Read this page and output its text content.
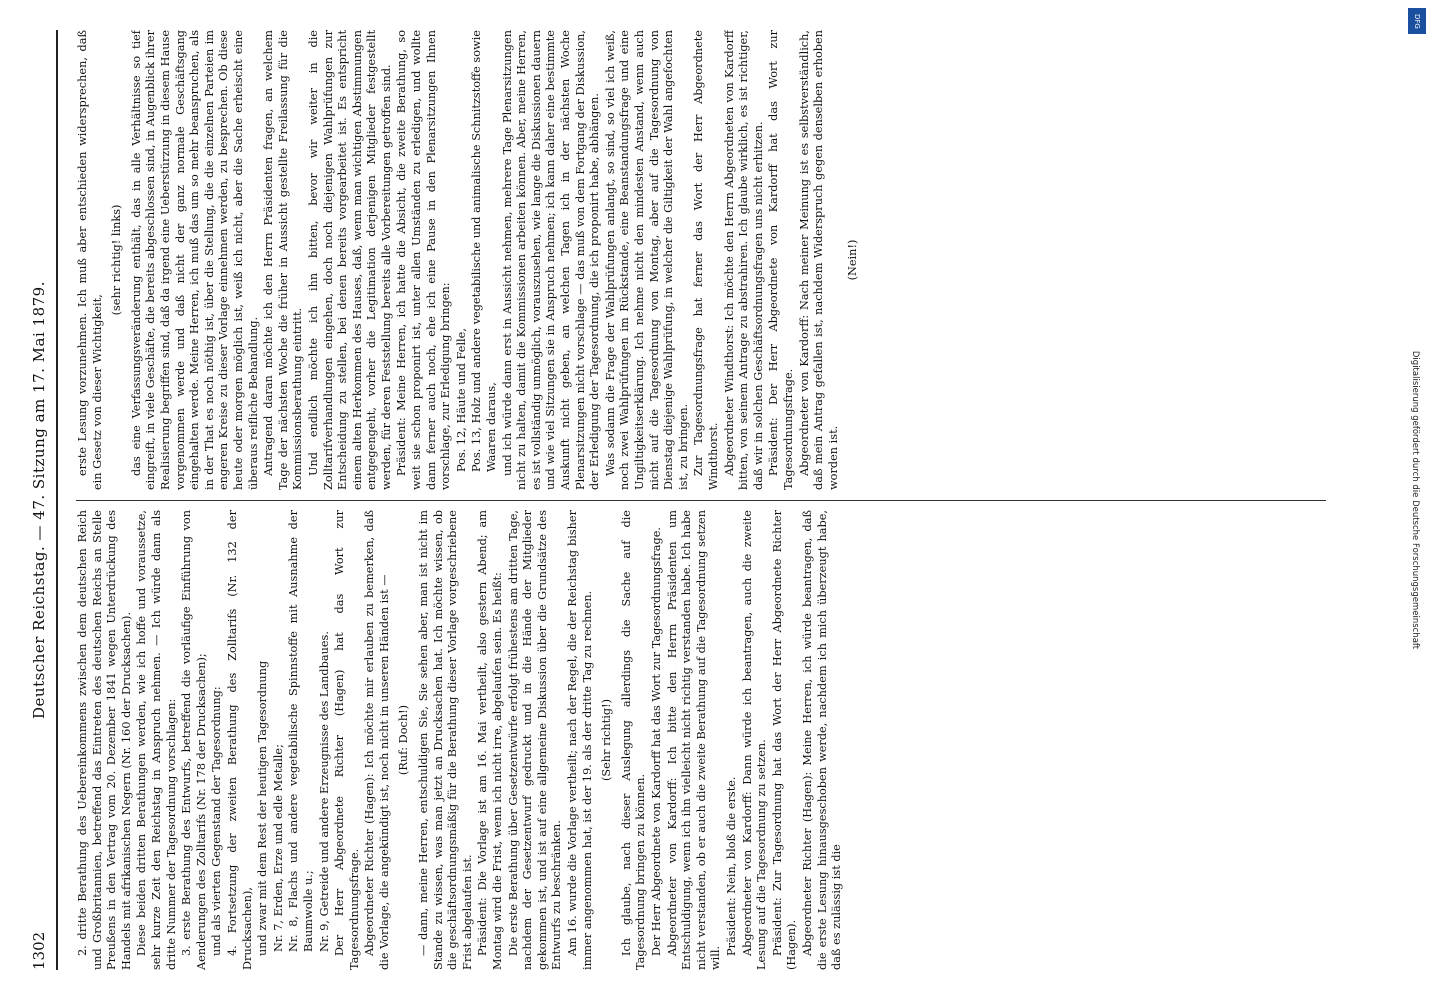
1302
Deutscher Reichstag. — 47. Sitzung am 17. Mai 1879.

2. dritte Berathung des Uebereinkommens zwischen dem deutschen Reich und Großbritannien, betreffend das Eintreten des deutschen Reichs an Stelle Preußens in den Vertrag vom 20. Dezember 1841 wegen Unterdrückung des Handels mit afrikanischen Negern (Nr. 160 der Drucksachen). Diese beiden dritten Berathungen werden, wie ich hoffe und voraussetze, sehr kurze Zeit den Reichstag in Anspruch nehmen. — Ich würde dann als dritte Nummer der Tagesordnung vorschlagen: 3. erste Berathung des Entwurfs, betreffend die vorläufige Einführung von Aenderungen des Zolltarifs (Nr. 178 der Drucksachen); und als vierten Gegenstand der Tagesordnung: 4. Fortsetzung der zweiten Berathung des Zolltarifs (Nr. 132 der Drucksachen), und zwar mit dem Rest der heutigen Tagesordnung Nr. 7, Erden, Erze und edle Metalle; Nr. 8, Flachs und andere vegetabilische Spinnstoffe mit Ausnahme der Baumwolle u.; Nr. 9, Getreide und andere Erzeugnisse des Landbaues. Der Herr Abgeordnete Richter (Hagen) hat das Wort zur Tagesordnungsfrage. Abgeordneter Richter (Hagen): Ich möchte mir erlauben zu bemerken, daß die Vorlage, die angekündigt ist, noch nicht in unseren Händen ist — (Ruf: Doch!) — dann, meine Herren, entschuldigen Sie, Sie sehen aber, man ist nicht im Stande zu wissen, was man jetzt an Drucksachen hat. Ich möchte wissen, ob die geschäftsordnungsmäßig für die Berathung dieser Vorlage vorgeschriebene Frist abgelaufen ist. Präsident: Die Vorlage ist am 16. Mai vertheilt, also gestern Abend; am Montag wird die Frist, wenn ich nicht irre, abgelaufen sein. Es heißt: Die erste Berathung über Gesetzentwürfe erfolgt frühestens am dritten Tage, nachdem der Gesetzentwurf gedruckt und in die Hände der Mitglieder gekommen ist, und ist auf eine allgemeine Diskussion über die Grundsätze des Entwurfs zu beschränken. Am 16. wurde die Vorlage vertheilt; nach der Regel, die der Reichstag bisher immer angenommen hat, ist der 19. als der dritte Tag zu rechnen. (Sehr richtig!) Ich glaube, nach dieser Auslegung allerdings die Sache auf die Tagesordnung bringen zu können. Der Herr Abgeordnete von Kardorff hat das Wort zur Tagesordnungsfrage. Abgeordneter von Kardorff: Ich bitte den Herrn Präsidenten um Entschuldigung, wenn ich ihn vielleicht nicht richtig verstanden habe. Ich habe nicht verstanden, ob er auch die zweite Berathung auf die Tagesordnung setzen will.

Präsident: Nein, bloß die erste. Abgeordneter von Kardorff: Dann würde ich beantragen, auch die zweite Lesung auf die Tagesordnung zu setzen. Präsident: Zur Tagesordnung hat das Wort der Herr Abgeordnete Richter (Hagen). Abgeordneter Richter (Hagen): Meine Herren, ich würde beantragen, daß die erste Lesung hinausgeschoben werde, nachdem ich mich überzeugt habe, daß es zulässig ist die

erste Lesung vorzunehmen. Ich muß aber entschieden widersprechen, daß ein Gesetz von dieser Wichtigkeit,

(sehr richtig! links) das eine Verfassungsveränderung enthält, das in alle Verhältnisse so tief eingreift, in viele Geschäfte, die bereits abgeschlossen sind, in Augenblick ihrer Realisierung begriffen sind, daß da irgend eine Ueberstürzung in diesem Hause vorgenommen werde und daß nicht der ganz normale Geschäftsgang eingehalten werde. Meine Herren, ich muß das um so mehr beanspruchen, als in der That es noch nöthig ist, über die Stellung, die die einzelnen Parteien im engeren Kreise zu dieser Vorlage einnehmen werden, zu besprechen. Ob diese heute oder morgen möglich ist, weiß ich nicht, aber die Sache erheischt eine überaus reifliche Behandlung. Antragend daran möchte ich den Herrn Präsidenten fragen, an welchem Tage der nächsten Woche die früher in Aussicht gestellte Freilassung für die Kommissionsberathung eintritt. Und endlich möchte ich ihn bitten, bevor wir weiter in die Zolltarifverhandlungen eingehen, doch noch diejenigen Wahlprüfungen zur Entscheidung zu stellen, bei denen bereits vorgearbeitet ist. Es entspricht einem alten Herkommen des Hauses, daß, wenn man wichtigen Abstimmungen entgegengeht, vorher die Legitimation derjenigen Mitglieder festgestellt werden, für deren Feststellung bereits alle Vorbereitungen getroffen sind. Präsident: Meine Herren, ich hatte die Absicht, die zweite Berathung, so weit sie schon proponirt ist, unter allen Umständen zu erledigen, und wollte dann ferner auch noch, ehe ich eine Pause in den Plenarsitzungen Ihnen vorschlage, zur Erledigung bringen: Pos. 12, Häute und Felle, Pos. 13, Holz und andere vegetabilische und animalische Schnitzstoffe sowie Waaren daraus, und ich würde dann erst in Aussicht nehmen, mehrere Tage Plenarsitzungen nicht zu halten, damit die Kommissionen arbeiten können. Aber, meine Herren, es ist vollständig unmöglich, vorauszusehen, wie lange die Diskussionen dauern und wie viel Sitzungen sie in Anspruch nehmen; ich kann daher eine bestimmte Auskunft nicht geben, an welchen Tagen ich in der nächsten Woche Plenarsitzungen nicht vorschlage — das muß von dem Fortgang der Diskussion, der Erledigung der Tagesordnung, die ich proponirt habe, abhängen. Was sodann die Frage der Wahlprüfungen anlangt, so sind, so viel ich weiß, noch zwei Wahlprüfungen im Rückstande, eine Beanstandungsfrage und eine Ungiltigkeitserklärung. Ich nehme nicht den mindesten Anstand, wenn auch nicht auf die Tagesordnung von Montag, aber auf die Tagesordnung von Dienstag diejenige Wahlprüfung, in welcher die Giltigkeit der Wahl angefochten ist, zu bringen. Zur Tagesordnungsfrage hat ferner das Wort der Herr Abgeordnete Windthorst. Abgeordneter Windthorst: Ich möchte den Herrn Abgeordneten von Kardorff bitten, von seinem Antrage zu abstrahiren. Ich glaube wirklich, es ist richtiger, daß wir in solchen Geschäftsordnungsfragen uns nicht erhitzen. Präsident: Der Herr Abgeordnete von Kardorff hat das Wort zur Tagesordnungsfrage. Abgeordneter von Kardorff: Nach meiner Meinung ist es selbstverständlich, daß mein Antrag gefallen ist, nachdem Widerspruch gegen denselben erhoben worden ist.

(Nein!)

Digitalisierung gefördert durch die Deutsche Forschungsgemeinschaft
DFG
